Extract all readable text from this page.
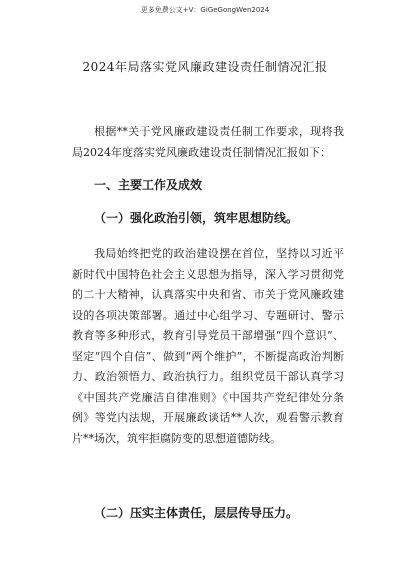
更多免费公文+V：GiGeGongWen2024
2024年局落实党风廉政建设责任制情况汇报

根据**关于党风廉政建设责任制工作要求，现将我局2024年度落实党风廉政建设责任制情况汇报如下：

一、主要工作及成效
（一）强化政治引领，筑牢思想防线。

我局始终把党的政治建设摆在首位，坚持以习近平新时代中国特色社会主义思想为指导，深入学习贯彻党的二十大精神，认真落实中央和省、市关于党风廉政建设的各项决策部署。通过中心组学习、专题研讨、警示教育等多种形式，教育引导党员干部增强“四个意识”、坚定“四个自信”、做到“两个维护”，不断提高政治判断力、政治领悟力、政治执行力。组织党员干部认真学习《中国共产党廉洁自律准则》《中国共产党纪律处分条例》等党内法规，开展廉政谈话**人次，观看警示教育片**场次，筑牢拒腐防变的思想道德防线。

（二）压实主体责任，层层传导压力。
